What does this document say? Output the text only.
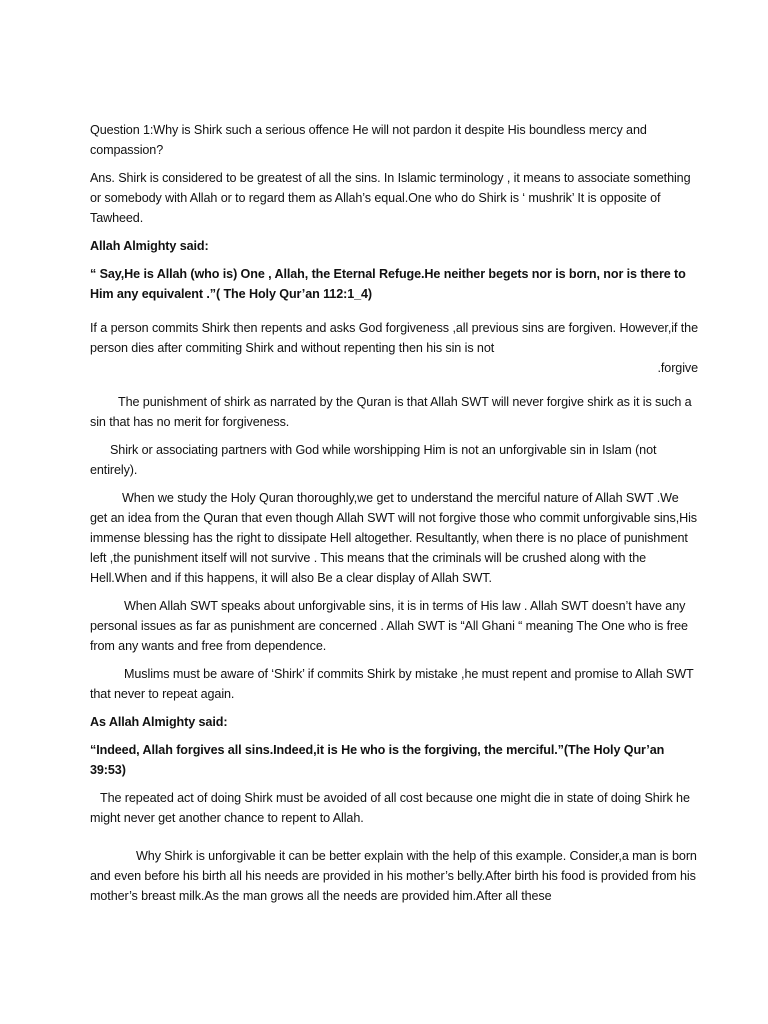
Question 1:Why is Shirk such a serious offence He will not pardon it despite His boundless mercy and compassion?

Ans. Shirk is considered to be greatest of all the sins. In Islamic terminology , it means to associate something or somebody with Allah or to regard them as Allah’s equal.One who do Shirk is ‘ mushrik’ It is opposite of Tawheed.

Allah Almighty said:

“ Say,He is Allah (who is) One , Allah, the Eternal Refuge.He neither begets nor is born, nor is there to Him any equivalent .”( The Holy Qur’an 112:1_4)

If a person commits Shirk then repents and asks God forgiveness ,all previous sins are forgiven. However,if the person dies after commiting Shirk and without repenting then his sin is not

.forgive

The punishment of shirk as narrated by the Quran is that Allah SWT will never forgive shirk as it is such a sin that has no merit for forgiveness.

Shirk or associating partners with God while worshipping Him is not an unforgivable sin in Islam (not entirely).

When we study the Holy Quran thoroughly,we get to understand the merciful nature of Allah SWT .We get an idea from the Quran that even though Allah SWT will not forgive those who commit unforgivable sins,His immense blessing has the right to dissipate Hell altogether. Resultantly, when there is no place of punishment left ,the punishment itself will not survive . This means that the criminals will be crushed along with the Hell.When and if this happens, it will also Be a clear display of Allah SWT.

When Allah SWT speaks about unforgivable sins, it is in terms of His law . Allah SWT doesn’t have any personal issues as far as punishment are concerned . Allah SWT is “All Ghani “ meaning The One who is free from any wants and free from dependence.

Muslims must be aware of ‘Shirk’ if commits Shirk by mistake ,he must repent and promise to Allah SWT that never to repeat again.

As Allah Almighty said:

“Indeed, Allah forgives all sins.Indeed,it is He who is the forgiving, the merciful.”(The Holy Qur’an 39:53)

The repeated act of doing Shirk must be avoided of all cost because one might die in state of doing Shirk he might never get another chance to repent to Allah.

Why Shirk is unforgivable it can be better explain with the help of this example. Consider,a man is born and even before his birth all his needs are provided in his mother’s belly.After birth his food is provided from his mother’s breast milk.As the man grows all the needs are provided him.After all these
